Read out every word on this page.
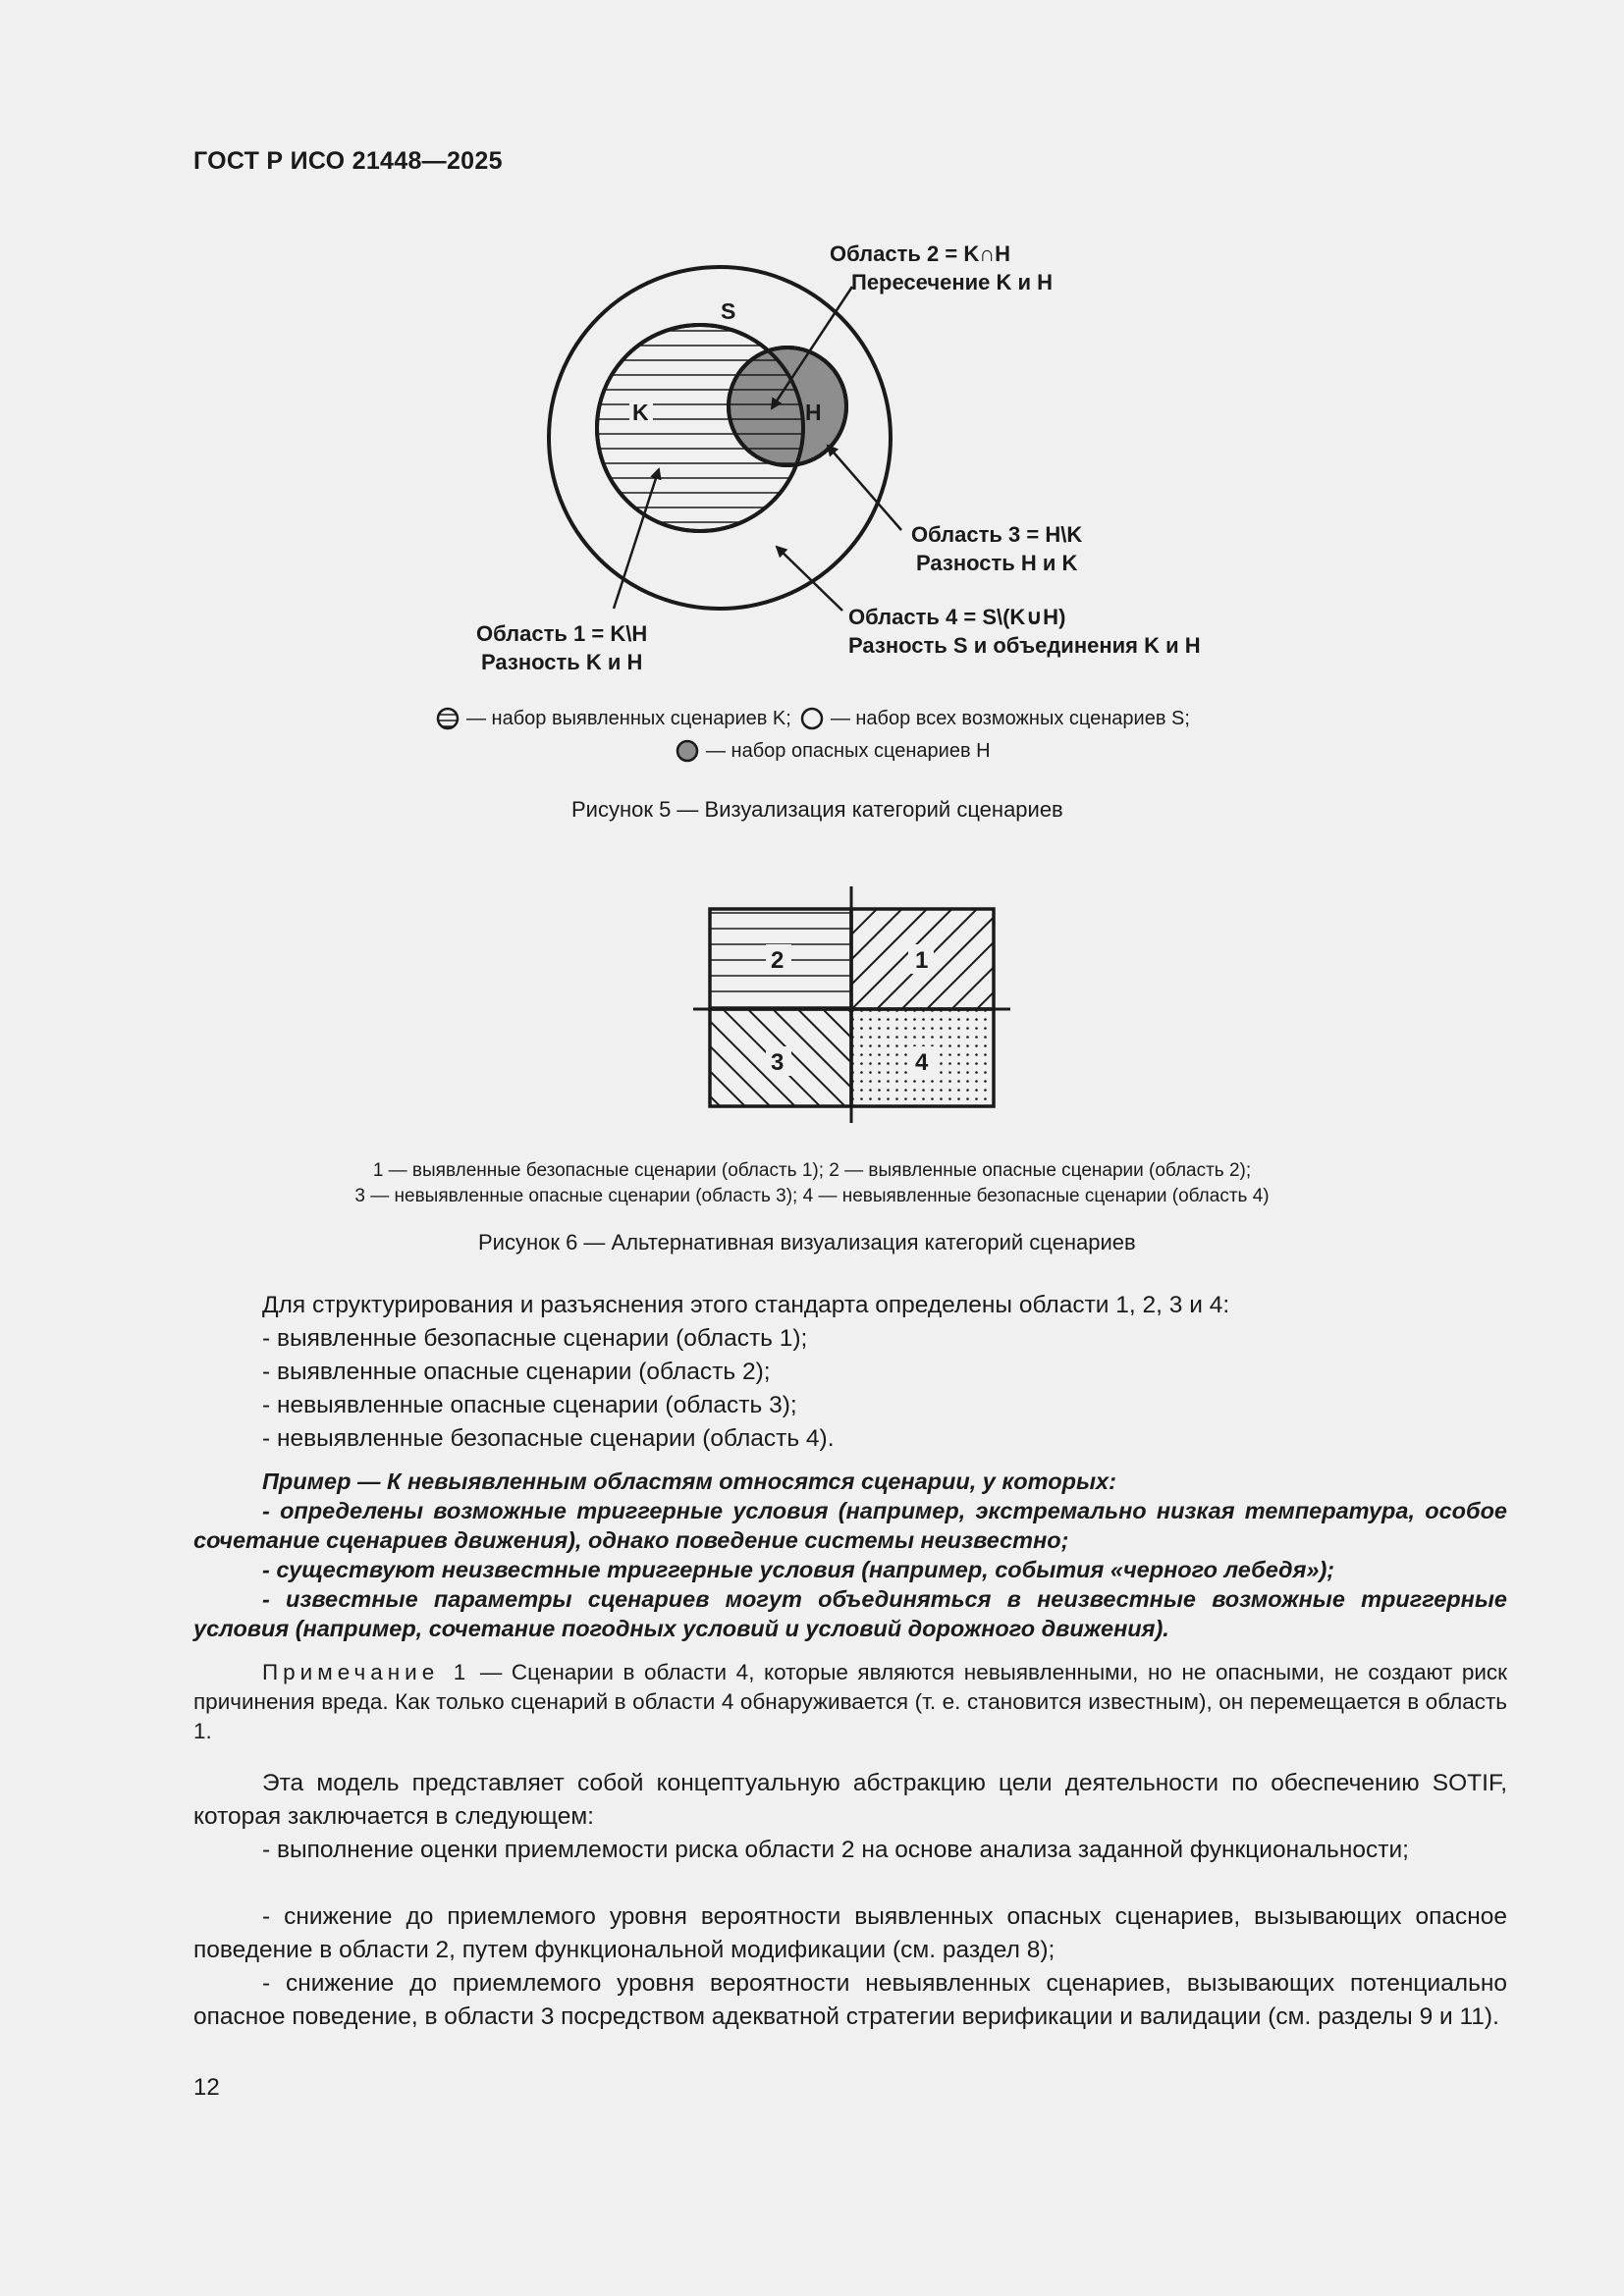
ГОСТ Р ИСО 21448—2025
S
K	H
Область 2 = K∩H
Пересечение K и H
Область 3 = H\K
Разность H и K
Область 4 = S\(K∪H)
Разность S и объединения K и H
Область 1 = K\H
Разность K и H
— набор выявленных сценариев K; — набор всех возможных сценариев S;
— набор опасных сценариев H
Рисунок 5 — Визуализация категорий сценариев
2	1
3	4
1 — выявленные безопасные сценарии (область 1); 2 — выявленные опасные сценарии (область 2);
3 — невыявленные опасные сценарии (область 3); 4 — невыявленные безопасные сценарии (область 4)
Рисунок 6 — Альтернативная визуализация категорий сценариев
Для структурирования и разъяснения этого стандарта определены области 1, 2, 3 и 4:
- выявленные безопасные сценарии (область 1);
- выявленные опасные сценарии (область 2);
- невыявленные опасные сценарии (область 3);
- невыявленные безопасные сценарии (область 4).
Пример — К невыявленным областям относятся сценарии, у которых:
- определены возможные триггерные условия (например, экстремально низкая температура, особое сочетание сценариев движения), однако поведение системы неизвестно;
- существуют неизвестные триггерные условия (например, события «черного лебедя»);
- известные параметры сценариев могут объединяться в неизвестные возможные триггерные условия (например, сочетание погодных условий и условий дорожного движения).
Примечание 1 — Сценарии в области 4, которые являются невыявленными, но не опасными, не создают риск причинения вреда. Как только сценарий в области 4 обнаруживается (т. е. становится известным), он перемещается в область 1.
Эта модель представляет собой концептуальную абстракцию цели деятельности по обеспечению SOTIF, которая заключается в следующем:
- выполнение оценки приемлемости риска области 2 на основе анализа заданной функциональности;
- снижение до приемлемого уровня вероятности выявленных опасных сценариев, вызывающих опасное поведение в области 2, путем функциональной модификации (см. раздел 8);
- снижение до приемлемого уровня вероятности невыявленных сценариев, вызывающих потенциально опасное поведение, в области 3 посредством адекватной стратегии верификации и валидации (см. разделы 9 и 11).
12
